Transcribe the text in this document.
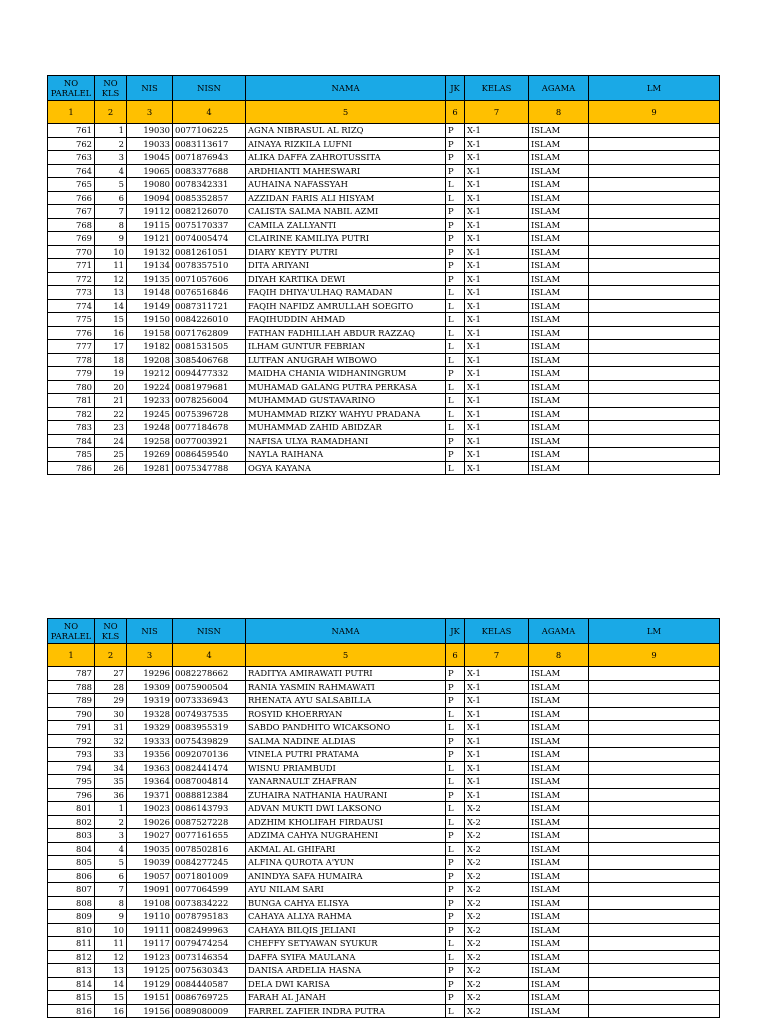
NO PARALEL	NO KLS	NIS	NISN	NAMA	JK	KELAS	AGAMA	LM
1	2	3	4	5	6	7	8	9
761	1	19030	0077106225	AGNA NIBRASUL AL RIZQ	P	X-1	ISLAM	
762	2	19033	0083113617	AINAYA RIZKILA LUFNI	P	X-1	ISLAM	
763	3	19045	0071876943	ALIKA DAFFA ZAHROTUSSITA	P	X-1	ISLAM	
764	4	19065	0083377688	ARDHIANTI MAHESWARI	P	X-1	ISLAM	
765	5	19080	0078342331	AUHAINA NAFASSYAH	L	X-1	ISLAM	
766	6	19094	0085352857	AZZIDAN FARIS ALI HISYAM	L	X-1	ISLAM	
767	7	19112	0082126070	CALISTA SALMA NABIL AZMI	P	X-1	ISLAM	
768	8	19115	0075170337	CAMILA ZALLYANTI	P	X-1	ISLAM	
769	9	19121	0074005474	CLAIRINE KAMILIYA PUTRI	P	X-1	ISLAM	
770	10	19132	0081261051	DIARY KEYTY PUTRI	P	X-1	ISLAM	
771	11	19134	0078357510	DITA ARIYANI	P	X-1	ISLAM	
772	12	19135	0071057606	DIYAH KARTIKA DEWI	P	X-1	ISLAM	
773	13	19148	0076516846	FAQIH DHIYA'ULHAQ RAMADAN	L	X-1	ISLAM	
774	14	19149	0087311721	FAQIH NAFIDZ AMRULLAH SOEGITO	L	X-1	ISLAM	
775	15	19150	0084226010	FAQIHUDDIN AHMAD	L	X-1	ISLAM	
776	16	19158	0071762809	FATHAN FADHILLAH ABDUR RAZZAQ	L	X-1	ISLAM	
777	17	19182	0081531505	ILHAM GUNTUR FEBRIAN	L	X-1	ISLAM	
778	18	19208	3085406768	LUTFAN ANUGRAH WIBOWO	L	X-1	ISLAM	
779	19	19212	0094477332	MAIDHA CHANIA WIDHANINGRUM	P	X-1	ISLAM	
780	20	19224	0081979681	MUHAMAD GALANG PUTRA PERKASA	L	X-1	ISLAM	
781	21	19233	0078256004	MUHAMMAD GUSTAVARINO	L	X-1	ISLAM	
782	22	19245	0075396728	MUHAMMAD RIZKY WAHYU PRADANA	L	X-1	ISLAM	
783	23	19248	0077184678	MUHAMMAD ZAHID ABIDZAR	L	X-1	ISLAM	
784	24	19258	0077003921	NAFISA ULYA RAMADHANI	P	X-1	ISLAM	
785	25	19269	0086459540	NAYLA RAIHANA	P	X-1	ISLAM	
786	26	19281	0075347788	OGYA KAYANA	L	X-1	ISLAM	
NO PARALEL	NO KLS	NIS	NISN	NAMA	JK	KELAS	AGAMA	LM
1	2	3	4	5	6	7	8	9
787	27	19296	0082278662	RADITYA AMIRAWATI PUTRI	P	X-1	ISLAM	
788	28	19309	0075900504	RANIA YASMIN RAHMAWATI	P	X-1	ISLAM	
789	29	19319	0073336943	RHENATA AYU SALSABILLA	P	X-1	ISLAM	
790	30	19328	0074937535	ROSYID KHOERRYAN	L	X-1	ISLAM	
791	31	19329	0083955319	SABDO PANDHITO WICAKSONO	L	X-1	ISLAM	
792	32	19333	0075439829	SALMA NADINE ALDIAS	P	X-1	ISLAM	
793	33	19356	0092070136	VINELA PUTRI PRATAMA	P	X-1	ISLAM	
794	34	19363	0082441474	WISNU PRIAMBUDI	L	X-1	ISLAM	
795	35	19364	0087004814	YANARNAULT ZHAFRAN	L	X-1	ISLAM	
796	36	19371	0088812384	ZUHAIRA NATHANIA HAURANI	P	X-1	ISLAM	
801	1	19023	0086143793	ADVAN MUKTI DWI LAKSONO	L	X-2	ISLAM	
802	2	19026	0087527228	ADZHIM KHOLIFAH FIRDAUSI	L	X-2	ISLAM	
803	3	19027	0077161655	ADZIMA CAHYA NUGRAHENI	P	X-2	ISLAM	
804	4	19035	0078502816	AKMAL AL GHIFARI	L	X-2	ISLAM	
805	5	19039	0084277245	ALFINA QUROTA A'YUN	P	X-2	ISLAM	
806	6	19057	0071801009	ANINDYA SAFA HUMAIRA	P	X-2	ISLAM	
807	7	19091	0077064599	AYU NILAM SARI	P	X-2	ISLAM	
808	8	19108	0073834222	BUNGA CAHYA ELISYA	P	X-2	ISLAM	
809	9	19110	0078795183	CAHAYA ALLYA RAHMA	P	X-2	ISLAM	
810	10	19111	0082499963	CAHAYA BILQIS JELIANI	P	X-2	ISLAM	
811	11	19117	0079474254	CHEFFY SETYAWAN SYUKUR	L	X-2	ISLAM	
812	12	19123	0073146354	DAFFA SYIFA MAULANA	L	X-2	ISLAM	
813	13	19125	0075630343	DANISA ARDELIA HASNA	P	X-2	ISLAM	
814	14	19129	0084440587	DELA DWI KARISA	P	X-2	ISLAM	
815	15	19151	0086769725	FARAH AL JANAH	P	X-2	ISLAM	
816	16	19156	0089080009	FARREL ZAFIER INDRA PUTRA	L	X-2	ISLAM	
